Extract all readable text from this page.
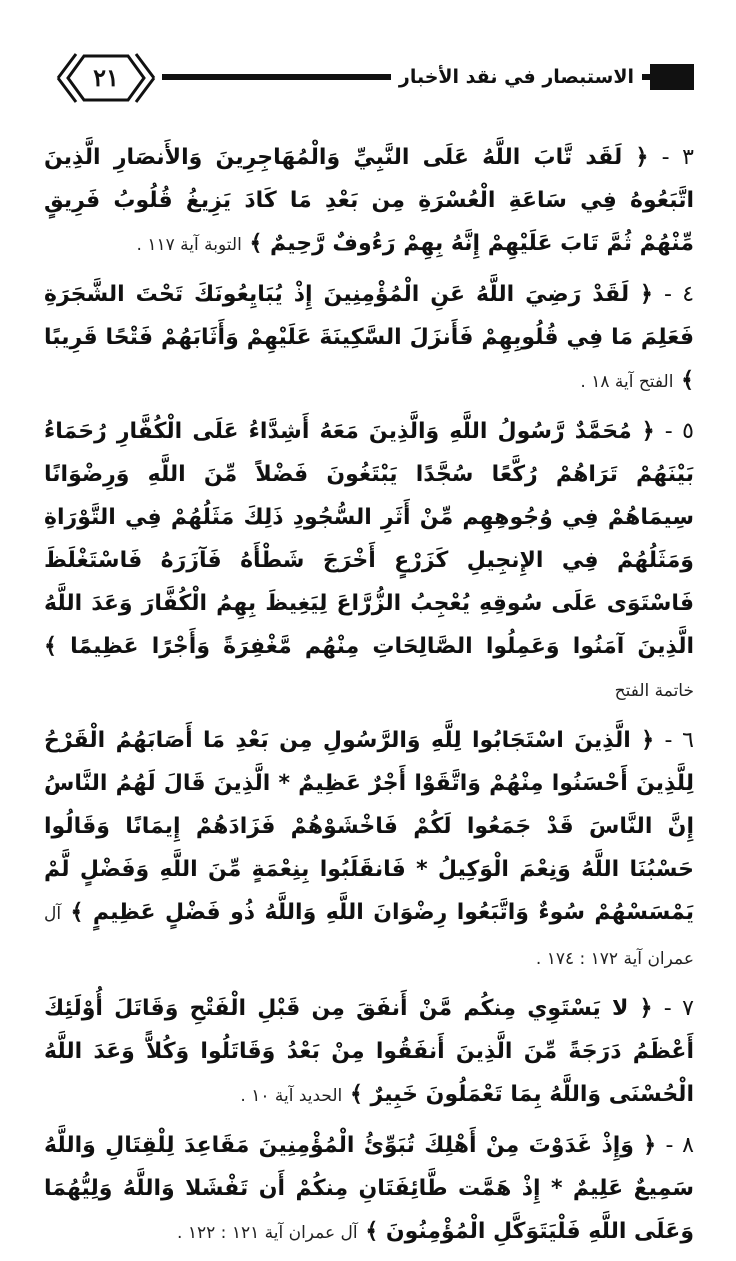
الاستبصار في نقد الأخبار
٢١

٣ - ﴿ لَقَد تَّابَ اللَّهُ عَلَى النَّبِيِّ وَالْمُهَاجِرِينَ وَالأَنصَارِ الَّذِينَ اتَّبَعُوهُ فِي سَاعَةِ الْعُسْرَةِ مِن بَعْدِ مَا كَادَ يَزِيغُ قُلُوبُ فَرِيقٍ مِّنْهُمْ ثُمَّ تَابَ عَلَيْهِمْ إِنَّهُ بِهِمْ رَءُوفٌ رَّحِيمٌ ﴾ التوبة آية ١١٧ .

٤ - ﴿ لَقَدْ رَضِيَ اللَّهُ عَنِ الْمُؤْمِنِينَ إِذْ يُبَايِعُونَكَ تَحْتَ الشَّجَرَةِ فَعَلِمَ مَا فِي قُلُوبِهِمْ فَأَنزَلَ السَّكِينَةَ عَلَيْهِمْ وَأَثَابَهُمْ فَتْحًا قَرِيبًا ﴾ الفتح آية ١٨ .

٥ - ﴿ مُحَمَّدٌ رَّسُولُ اللَّهِ وَالَّذِينَ مَعَهُ أَشِدَّاءُ عَلَى الْكُفَّارِ رُحَمَاءُ بَيْنَهُمْ تَرَاهُمْ رُكَّعًا سُجَّدًا يَبْتَغُونَ فَضْلاً مِّنَ اللَّهِ وَرِضْوَانًا سِيمَاهُمْ فِي وُجُوهِهِم مِّنْ أَثَرِ السُّجُودِ ذَلِكَ مَثَلُهُمْ فِي التَّوْرَاةِ وَمَثَلُهُمْ فِي الإِنجِيلِ كَزَرْعٍ أَخْرَجَ شَطْأَهُ فَآزَرَهُ فَاسْتَغْلَظَ فَاسْتَوَى عَلَى سُوقِهِ يُعْجِبُ الزُّرَّاعَ لِيَغِيظَ بِهِمُ الْكُفَّارَ وَعَدَ اللَّهُ الَّذِينَ آمَنُوا وَعَمِلُوا الصَّالِحَاتِ مِنْهُم مَّغْفِرَةً وَأَجْرًا عَظِيمًا ﴾ خاتمة الفتح

٦ - ﴿ الَّذِينَ اسْتَجَابُوا لِلَّهِ وَالرَّسُولِ مِن بَعْدِ مَا أَصَابَهُمُ الْقَرْحُ لِلَّذِينَ أَحْسَنُوا مِنْهُمْ وَاتَّقَوْا أَجْرٌ عَظِيمٌ * الَّذِينَ قَالَ لَهُمُ النَّاسُ إِنَّ النَّاسَ قَدْ جَمَعُوا لَكُمْ فَاخْشَوْهُمْ فَزَادَهُمْ إِيمَانًا وَقَالُوا حَسْبُنَا اللَّهُ وَنِعْمَ الْوَكِيلُ * فَانقَلَبُوا بِنِعْمَةٍ مِّنَ اللَّهِ وَفَضْلٍ لَّمْ يَمْسَسْهُمْ سُوءٌ وَاتَّبَعُوا رِضْوَانَ اللَّهِ وَاللَّهُ ذُو فَضْلٍ عَظِيمٍ ﴾ آل عمران آية ١٧٢ : ١٧٤ .

٧ - ﴿ لا يَسْتَوِي مِنكُم مَّنْ أَنفَقَ مِن قَبْلِ الْفَتْحِ وَقَاتَلَ أُوْلَئِكَ أَعْظَمُ دَرَجَةً مِّنَ الَّذِينَ أَنفَقُوا مِنْ بَعْدُ وَقَاتَلُوا وَكُلاًّ وَعَدَ اللَّهُ الْحُسْنَى وَاللَّهُ بِمَا تَعْمَلُونَ خَبِيرٌ ﴾ الحديد آية ١٠ .

٨ - ﴿ وَإِذْ غَدَوْتَ مِنْ أَهْلِكَ تُبَوِّئُ الْمُؤْمِنِينَ مَقَاعِدَ لِلْقِتَالِ وَاللَّهُ سَمِيعٌ عَلِيمٌ * إِذْ هَمَّت طَّائِفَتَانِ مِنكُمْ أَن تَفْشَلا وَاللَّهُ وَلِيُّهُمَا وَعَلَى اللَّهِ فَلْيَتَوَكَّلِ الْمُؤْمِنُونَ ﴾ آل عمران آية ١٢١ : ١٢٢ .
